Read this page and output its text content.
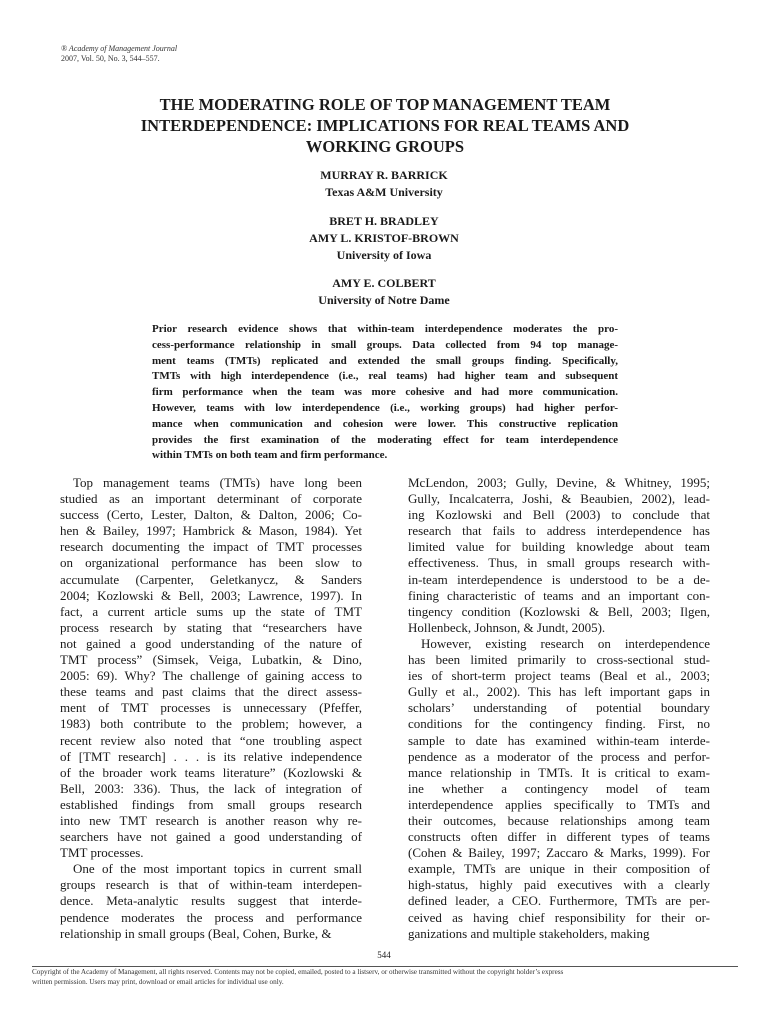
® Academy of Management Journal
2007, Vol. 50, No. 3, 544–557.
THE MODERATING ROLE OF TOP MANAGEMENT TEAM
INTERDEPENDENCE: IMPLICATIONS FOR REAL TEAMS AND
WORKING GROUPS
MURRAY R. BARRICK
Texas A&M University
BRET H. BRADLEY
AMY L. KRISTOF-BROWN
University of Iowa
AMY E. COLBERT
University of Notre Dame
Prior research evidence shows that within-team interdependence moderates the pro-
cess-performance relationship in small groups. Data collected from 94 top manage-
ment teams (TMTs) replicated and extended the small groups finding. Specifically,
TMTs with high interdependence (i.e., real teams) had higher team and subsequent
firm performance when the team was more cohesive and had more communication.
However, teams with low interdependence (i.e., working groups) had higher perfor-
mance when communication and cohesion were lower. This constructive replication
provides the first examination of the moderating effect for team interdependence
within TMTs on both team and firm performance.
Top management teams (TMTs) have long been
studied as an important determinant of corporate
success (Certo, Lester, Dalton, & Dalton, 2006; Co-
hen & Bailey, 1997; Hambrick & Mason, 1984). Yet
research documenting the impact of TMT processes
on organizational performance has been slow to
accumulate (Carpenter, Geletkanycz, & Sanders
2004; Kozlowski & Bell, 2003; Lawrence, 1997). In
fact, a current article sums up the state of TMT
process research by stating that “researchers have
not gained a good understanding of the nature of
TMT process” (Simsek, Veiga, Lubatkin, & Dino,
2005: 69). Why? The challenge of gaining access to
these teams and past claims that the direct assess-
ment of TMT processes is unnecessary (Pfeffer,
1983) both contribute to the problem; however, a
recent review also noted that “one troubling aspect
of [TMT research] . . . is its relative independence
of the broader work teams literature” (Kozlowski &
Bell, 2003: 336). Thus, the lack of integration of
established findings from small groups research
into new TMT research is another reason why re-
searchers have not gained a good understanding of
TMT processes.
One of the most important topics in current small
groups research is that of within-team interdepen-
dence. Meta-analytic results suggest that interde-
pendence moderates the process and performance
relationship in small groups (Beal, Cohen, Burke, &
McLendon, 2003; Gully, Devine, & Whitney, 1995;
Gully, Incalcaterra, Joshi, & Beaubien, 2002), lead-
ing Kozlowski and Bell (2003) to conclude that
research that fails to address interdependence has
limited value for building knowledge about team
effectiveness. Thus, in small groups research with-
in-team interdependence is understood to be a de-
fining characteristic of teams and an important con-
tingency condition (Kozlowski & Bell, 2003; Ilgen,
Hollenbeck, Johnson, & Jundt, 2005).
However, existing research on interdependence
has been limited primarily to cross-sectional stud-
ies of short-term project teams (Beal et al., 2003;
Gully et al., 2002). This has left important gaps in
scholars’ understanding of potential boundary
conditions for the contingency finding. First, no
sample to date has examined within-team interde-
pendence as a moderator of the process and perfor-
mance relationship in TMTs. It is critical to exam-
ine whether a contingency model of team
interdependence applies specifically to TMTs and
their outcomes, because relationships among team
constructs often differ in different types of teams
(Cohen & Bailey, 1997; Zaccaro & Marks, 1999). For
example, TMTs are unique in their composition of
high-status, highly paid executives with a clearly
defined leader, a CEO. Furthermore, TMTs are per-
ceived as having chief responsibility for their or-
ganizations and multiple stakeholders, making
544
Copyright of the Academy of Management, all rights reserved. Contents may not be copied, emailed, posted to a listserv, or otherwise transmitted without the copyright holder’s express
written permission. Users may print, download or email articles for individual use only.
